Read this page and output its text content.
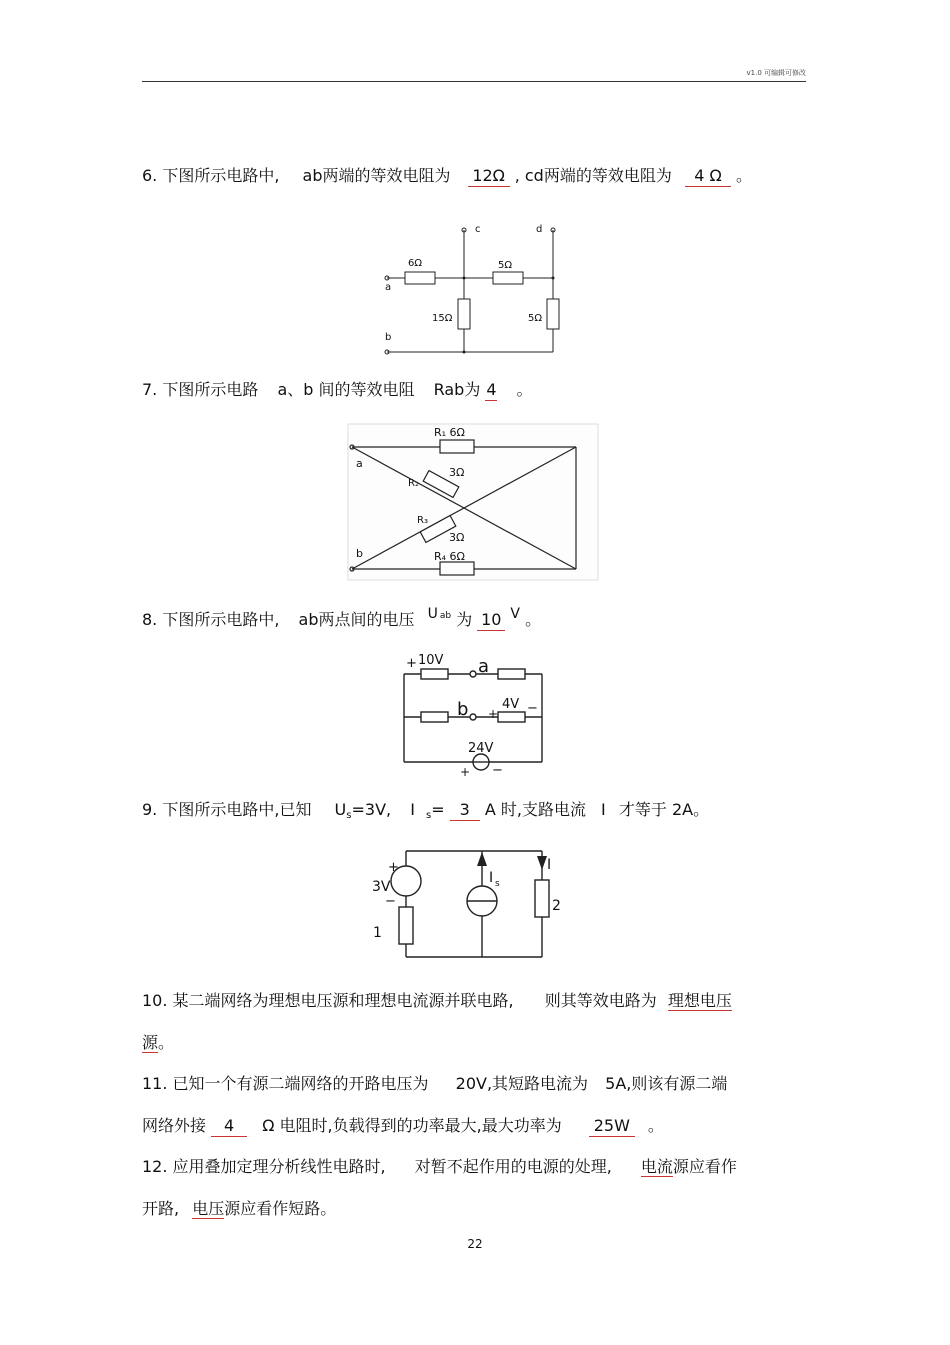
v1.0 可编辑可修改
6. 下图所示电路中, ab两端的等效电阻为 12Ω , cd两端的等效电阻为 4 Ω 。
c	d
a
b
6Ω	5Ω
15Ω	5Ω
7. 下图所示电路 a、b 间的等效电阻 Rab为 4 。
a
b
R₁ 6Ω
R₂
3Ω
R₃
3Ω
R₄ 6Ω
8. 下图所示电路中, ab两点间的电压 U $^{ab}$ 为 10 V 。
+ 10V a
b +
4V −
24V
+ −
9. 下图所示电路中,已知 $U_s=3V$, I $_s$= 3 A 时,支路电流 I 才等于 2A。
+
3V
−
1
I s
I
2
10. 某二端网络为理想电压源和理想电流源并联电路, 则其等效电路为 理想电压
源。
11. 已知一个有源二端网络的开路电压为 20V,其短路电流为 5A,则该有源二端
网络外接 4 Ω 电阻时,负载得到的功率最大,最大功率为 25W 。
12. 应用叠加定理分析线性电路时, 对暂不起作用的电源的处理, 电流源应看作
开路, 电压源应看作短路。
22
